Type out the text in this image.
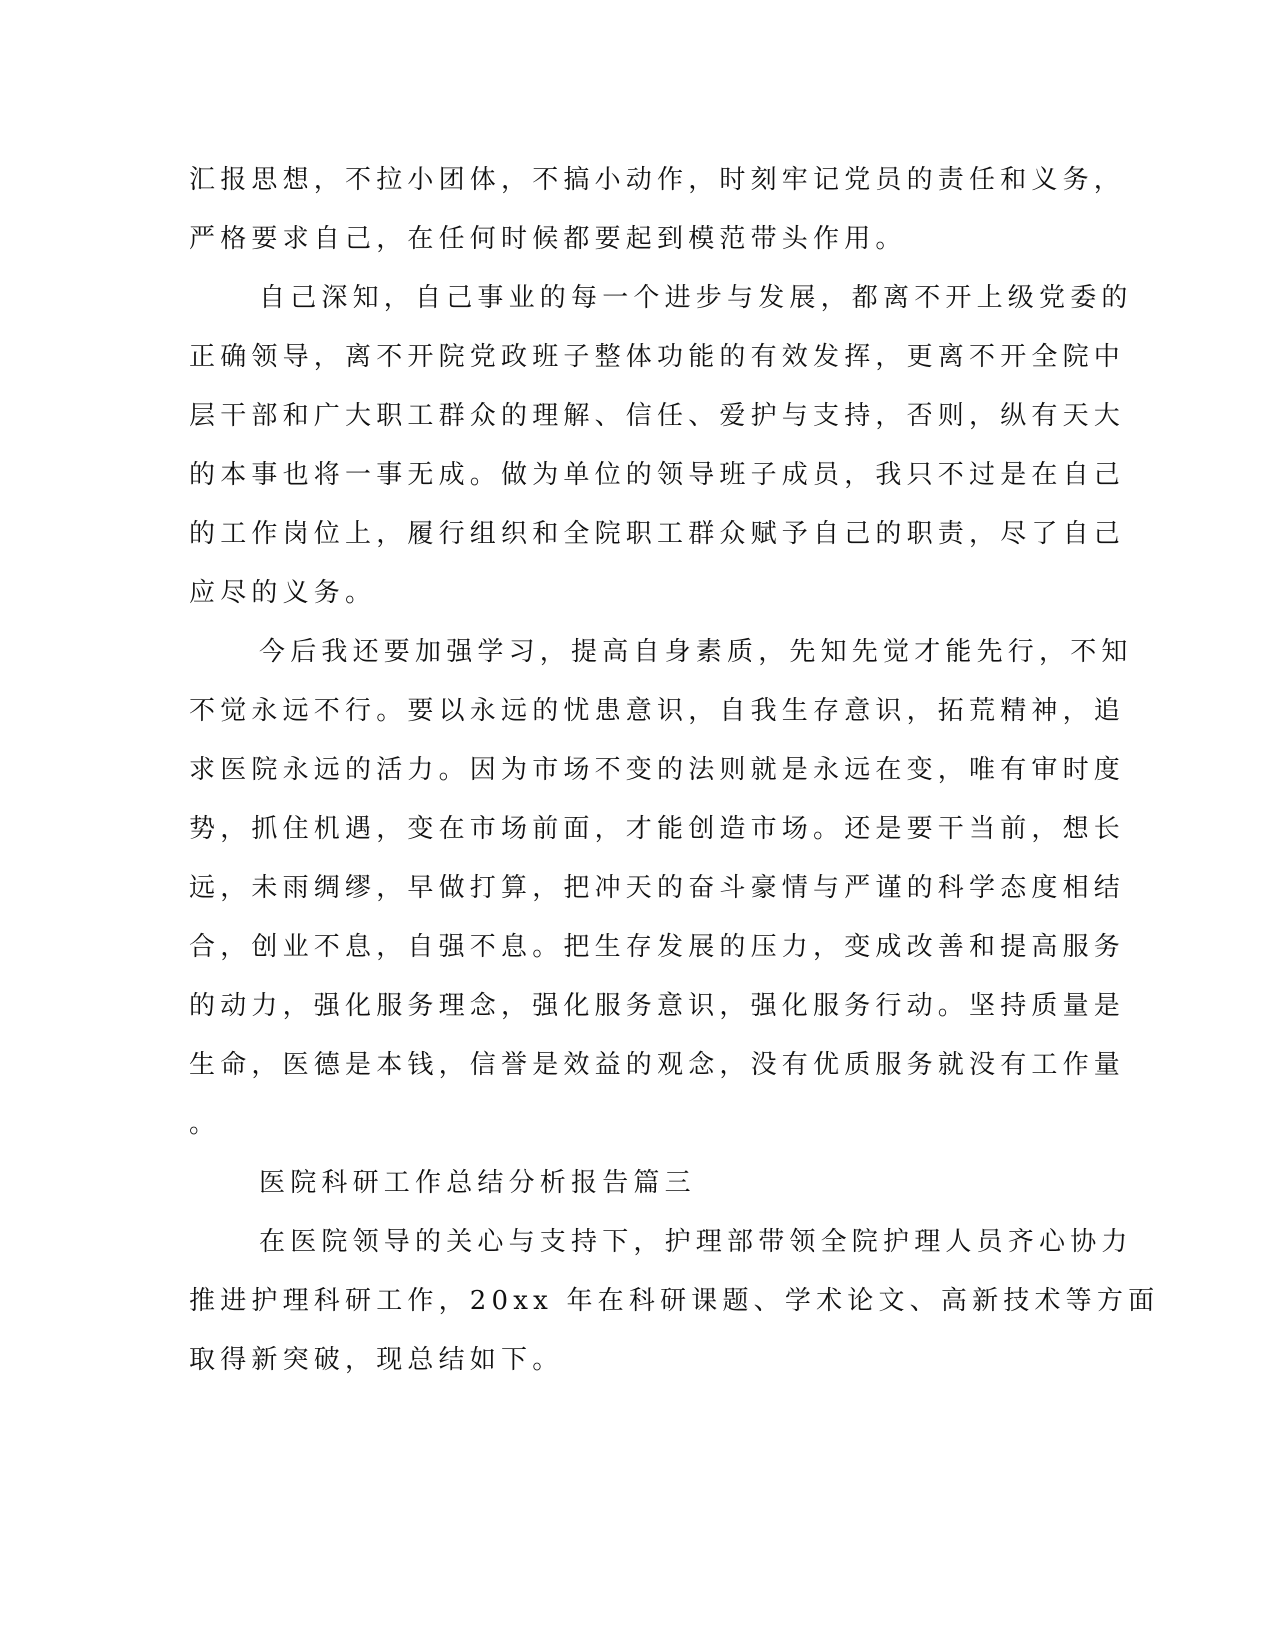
汇报思想，不拉小团体，不搞小动作，时刻牢记党员的责任和义务，
严格要求自己，在任何时候都要起到模范带头作用。
自己深知，自己事业的每一个进步与发展，都离不开上级党委的
正确领导，离不开院党政班子整体功能的有效发挥，更离不开全院中
层干部和广大职工群众的理解、信任、爱护与支持，否则，纵有天大
的本事也将一事无成。做为单位的领导班子成员，我只不过是在自己
的工作岗位上，履行组织和全院职工群众赋予自己的职责，尽了自己
应尽的义务。
今后我还要加强学习，提高自身素质，先知先觉才能先行，不知
不觉永远不行。要以永远的忧患意识，自我生存意识，拓荒精神，追
求医院永远的活力。因为市场不变的法则就是永远在变，唯有审时度
势，抓住机遇，变在市场前面，才能创造市场。还是要干当前，想长
远，未雨绸缪，早做打算，把冲天的奋斗豪情与严谨的科学态度相结
合，创业不息，自强不息。把生存发展的压力，变成改善和提高服务
的动力，强化服务理念，强化服务意识，强化服务行动。坚持质量是
生命，医德是本钱，信誉是效益的观念，没有优质服务就没有工作量
。
医院科研工作总结分析报告篇三
在医院领导的关心与支持下，护理部带领全院护理人员齐心协力
推进护理科研工作，20xx 年在科研课题、学术论文、高新技术等方面
取得新突破，现总结如下。
